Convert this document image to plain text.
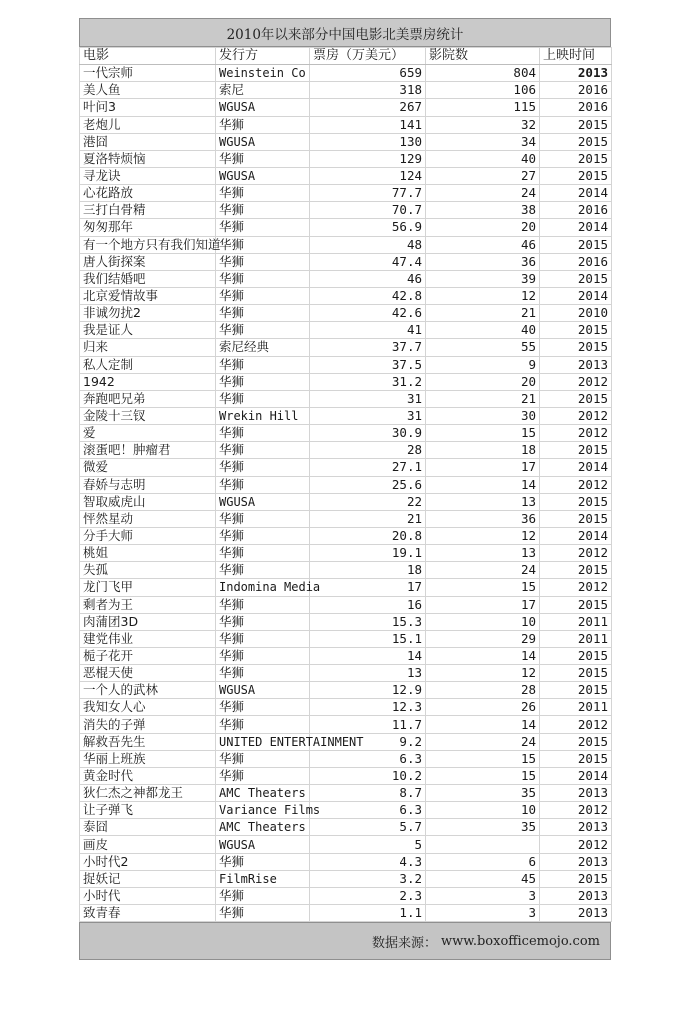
2010年以来部分中国电影北美票房统计
电影	发行方	票房（万美元）	影院数	上映时间
一代宗师	Weinstein Co	659	804	2013
美人鱼	索尼	318	106	2016
叶问3	WGUSA	267	115	2016
老炮儿	华狮	141	32	2015
港囧	WGUSA	130	34	2015
夏洛特烦恼	华狮	129	40	2015
寻龙诀	WGUSA	124	27	2015
心花路放	华狮	77.7	24	2014
三打白骨精	华狮	70.7	38	2016
匆匆那年	华狮	56.9	20	2014
有一个地方只有我们知道	华狮	48	46	2015
唐人街探案	华狮	47.4	36	2016
我们结婚吧	华狮	46	39	2015
北京爱情故事	华狮	42.8	12	2014
非诚勿扰2	华狮	42.6	21	2010
我是证人	华狮	41	40	2015
归来	索尼经典	37.7	55	2015
私人定制	华狮	37.5	9	2013
1942	华狮	31.2	20	2012
奔跑吧兄弟	华狮	31	21	2015
金陵十三钗	Wrekin Hill	31	30	2012
爱	华狮	30.9	15	2012
滚蛋吧！肿瘤君	华狮	28	18	2015
微爱	华狮	27.1	17	2014
春娇与志明	华狮	25.6	14	2012
智取威虎山	WGUSA	22	13	2015
怦然星动	华狮	21	36	2015
分手大师	华狮	20.8	12	2014
桃姐	华狮	19.1	13	2012
失孤	华狮	18	24	2015
龙门飞甲	Indomina Media	17	15	2012
剩者为王	华狮	16	17	2015
肉蒲团3D	华狮	15.3	10	2011
建党伟业	华狮	15.1	29	2011
栀子花开	华狮	14	14	2015
恶棍天使	华狮	13	12	2015
一个人的武林	WGUSA	12.9	28	2015
我知女人心	华狮	12.3	26	2011
消失的子弹	华狮	11.7	14	2012
解救吾先生	UNITED ENTERTAINMENT	9.2	24	2015
华丽上班族	华狮	6.3	15	2015
黄金时代	华狮	10.2	15	2014
狄仁杰之神都龙王	AMC Theaters	8.7	35	2013
让子弹飞	Variance Films	6.3	10	2012
泰囧	AMC Theaters	5.7	35	2013
画皮	WGUSA	5		2012
小时代2	华狮	4.3	6	2013
捉妖记	FilmRise	3.2	45	2015
小时代	华狮	2.3	3	2013
致青春	华狮	1.1	3	2013
数据来源： www.boxofficemojo.com
